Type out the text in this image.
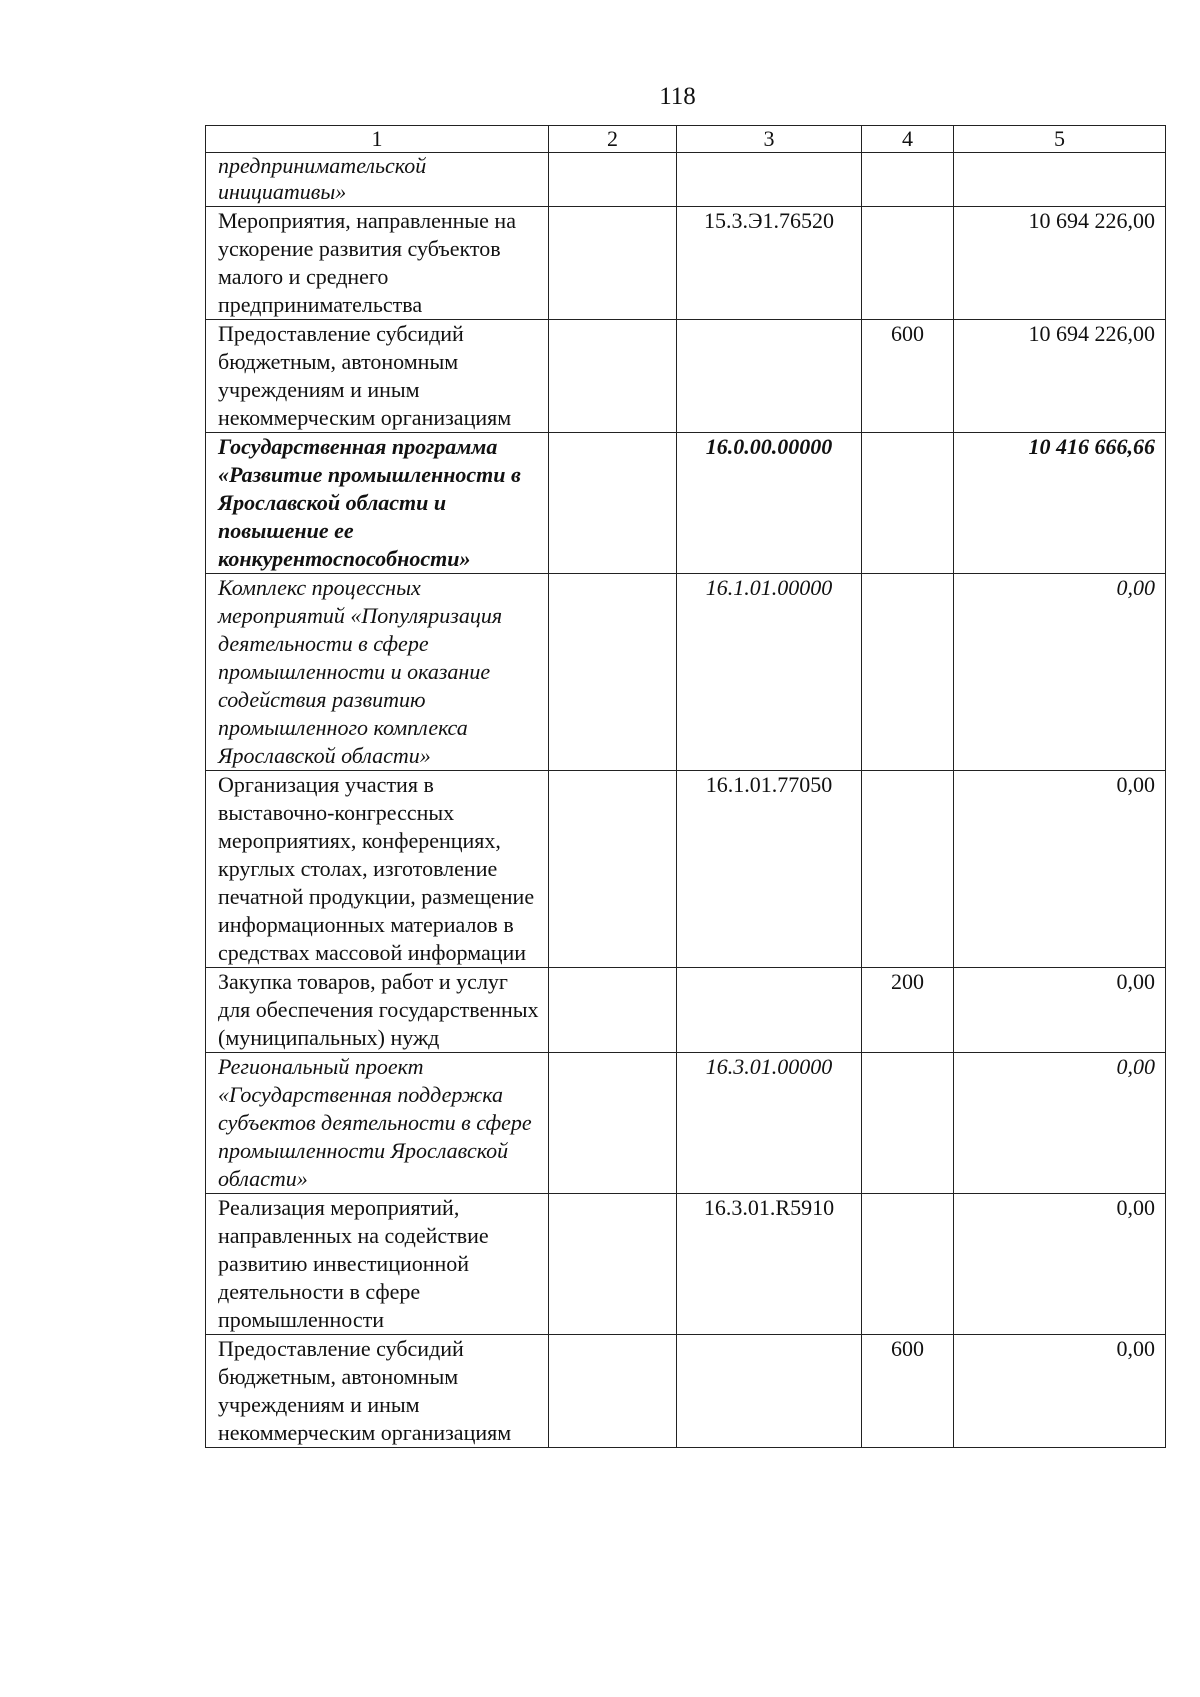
118
1	2	3	4	5
предпринимательской инициативы»				
Мероприятия, направленные на ускорение развития субъектов малого и среднего предпринимательства		15.3.Э1.76520		10 694 226,00
Предоставление субсидий бюджетным, автономным учреждениям и иным некоммерческим организациям			600	10 694 226,00
Государственная программа «Развитие промышленности в Ярославской области и повышение ее конкурентоспособности»		16.0.00.00000		10 416 666,66
Комплекс процессных мероприятий «Популяризация деятельности в сфере промышленности и оказание содействия развитию промышленного комплекса Ярославской области»		16.1.01.00000		0,00
Организация участия в выставочно-конгрессных мероприятиях, конференциях, круглых столах, изготовление печатной продукции, размещение информационных материалов в средствах массовой информации		16.1.01.77050		0,00
Закупка товаров, работ и услуг для обеспечения государственных (муниципальных) нужд			200	0,00
Региональный проект «Государственная поддержка субъектов деятельности в сфере промышленности Ярославской области»		16.3.01.00000		0,00
Реализация мероприятий, направленных на содействие развитию инвестиционной деятельности в сфере промышленности		16.3.01.R5910		0,00
Предоставление субсидий бюджетным, автономным учреждениям и иным некоммерческим организациям			600	0,00
